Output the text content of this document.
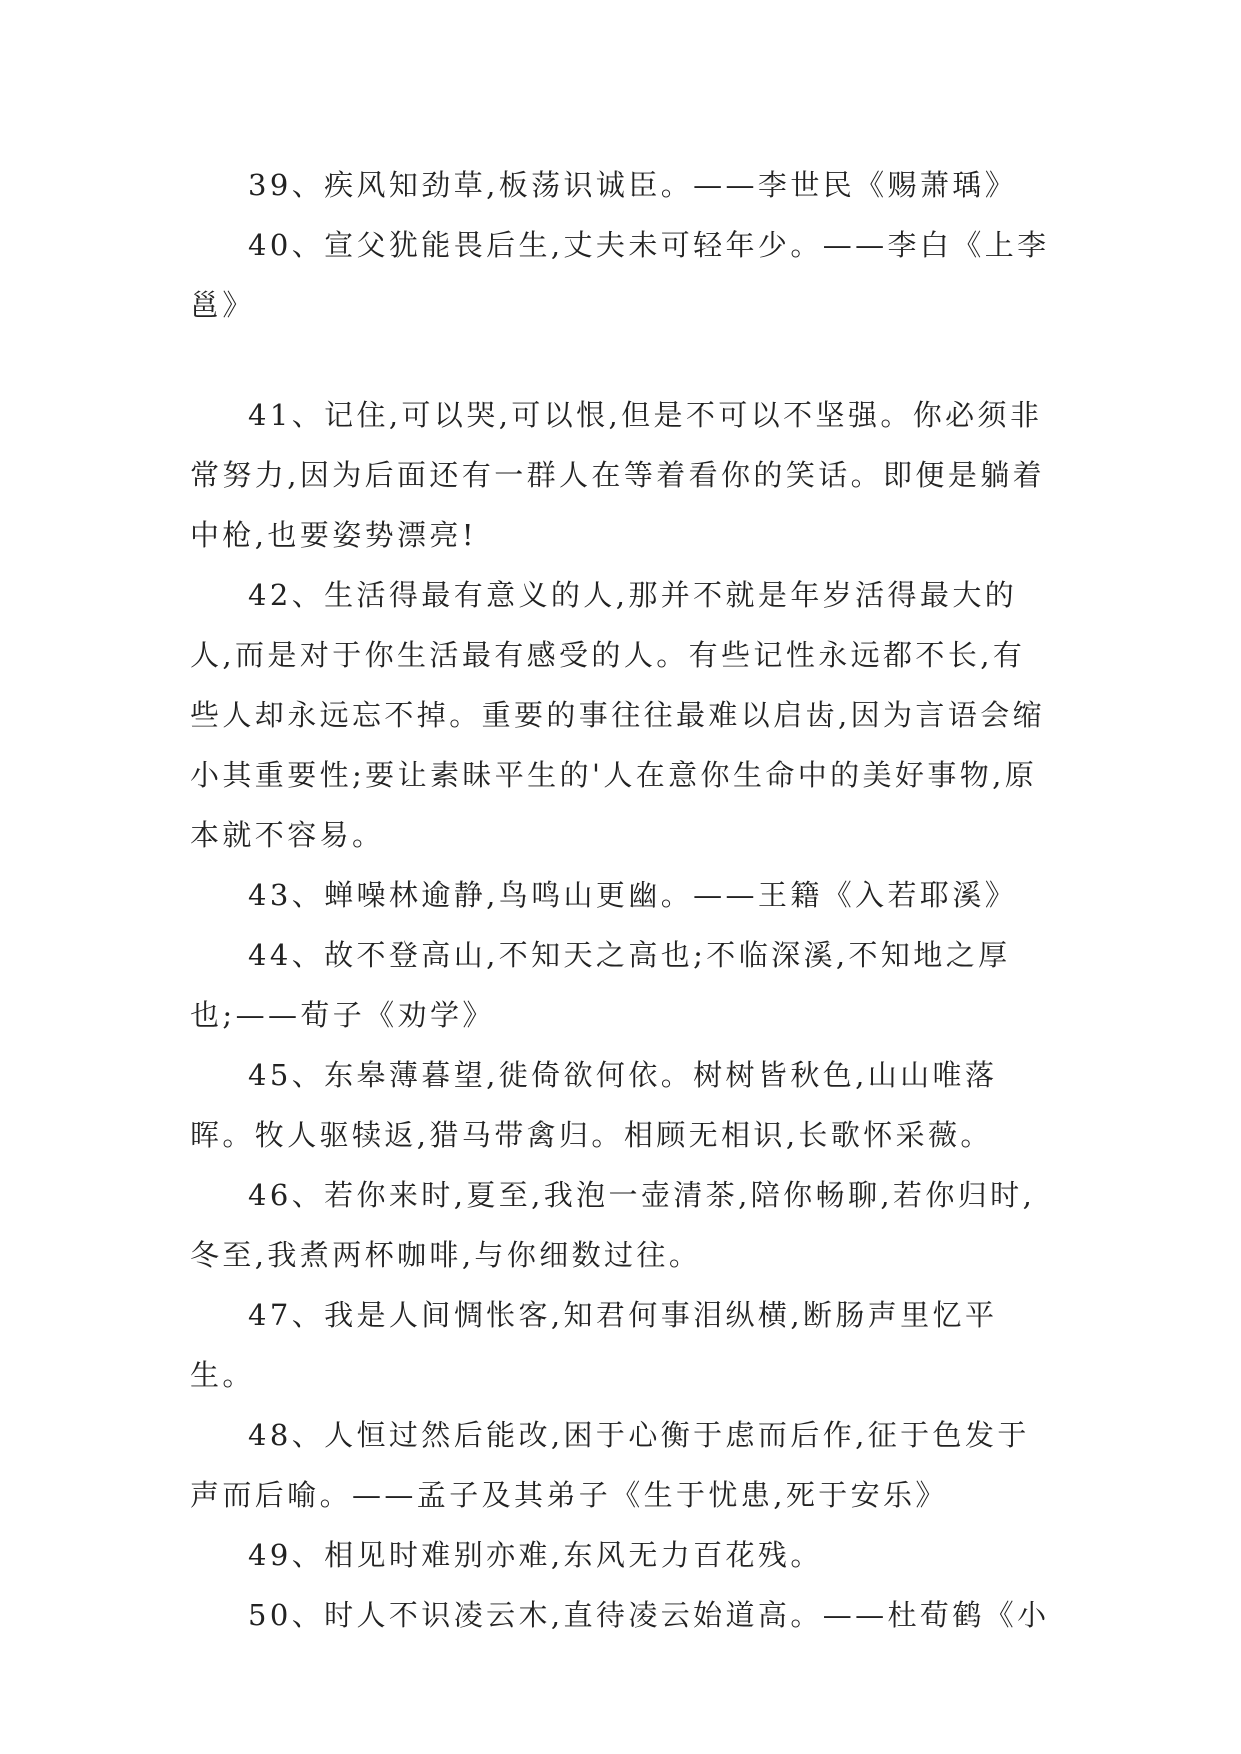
39、疾风知劲草,板荡识诚臣。——李世民《赐萧瑀》

40、宣父犹能畏后生,丈夫未可轻年少。——李白《上李邕》

41、记住,可以哭,可以恨,但是不可以不坚强。你必须非常努力,因为后面还有一群人在等着看你的笑话。即便是躺着中枪,也要姿势漂亮!

42、生活得最有意义的人,那并不就是年岁活得最大的人,而是对于你生活最有感受的人。有些记性永远都不长,有些人却永远忘不掉。重要的事往往最难以启齿,因为言语会缩小其重要性;要让素昧平生的'人在意你生命中的美好事物,原本就不容易。

43、蝉噪林逾静,鸟鸣山更幽。——王籍《入若耶溪》

44、故不登高山,不知天之高也;不临深溪,不知地之厚也;——荀子《劝学》

45、东皋薄暮望,徙倚欲何依。树树皆秋色,山山唯落晖。牧人驱犊返,猎马带禽归。相顾无相识,长歌怀采薇。

46、若你来时,夏至,我泡一壶清茶,陪你畅聊,若你归时,冬至,我煮两杯咖啡,与你细数过往。

47、我是人间惆怅客,知君何事泪纵横,断肠声里忆平生。

48、人恒过然后能改,困于心衡于虑而后作,征于色发于声而后喻。——孟子及其弟子《生于忧患,死于安乐》

49、相见时难别亦难,东风无力百花残。

50、时人不识凌云木,直待凌云始道高。——杜荀鹤《小
